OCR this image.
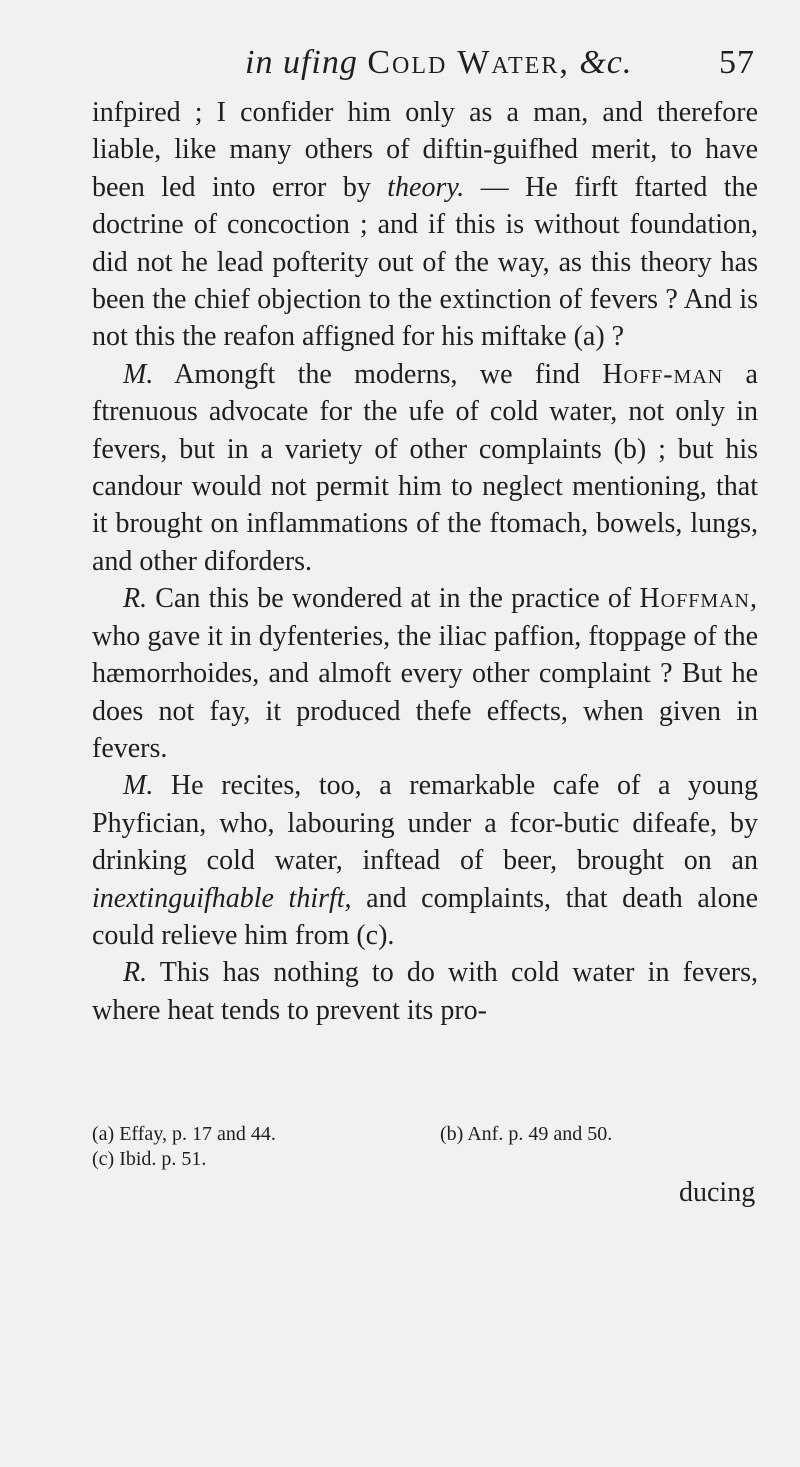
in ufing Cold Water, &c.	57

infpired ; I confider him only as a man, and therefore liable, like many others of diftin-guifhed merit, to have been led into error by theory. — He firft ftarted the doctrine of concoction ; and if this is without foundation, did not he lead pofterity out of the way, as this theory has been the chief objection to the extinction of fevers ? And is not this the reafon affigned for his miftake (a) ?

M. Amongft the moderns, we find Hoff-man a ftrenuous advocate for the ufe of cold water, not only in fevers, but in a variety of other complaints (b) ; but his candour would not permit him to neglect mentioning, that it brought on inflammations of the ftomach, bowels, lungs, and other diforders.

R. Can this be wondered at in the practice of Hoffman, who gave it in dyfenteries, the iliac paffion, ftoppage of the hæmorrhoides, and almoft every other complaint ? But he does not fay, it produced thefe effects, when given in fevers.

M. He recites, too, a remarkable cafe of a young Phyfician, who, labouring under a fcor-butic difeafe, by drinking cold water, inftead of beer, brought on an inextinguifhable thirft, and complaints, that death alone could relieve him from (c).

R. This has nothing to do with cold water in fevers, where heat tends to prevent its pro-

(a) Effay, p. 17 and 44.	(b) Anf. p. 49 and 50.
(c) Ibid. p. 51.
ducing
